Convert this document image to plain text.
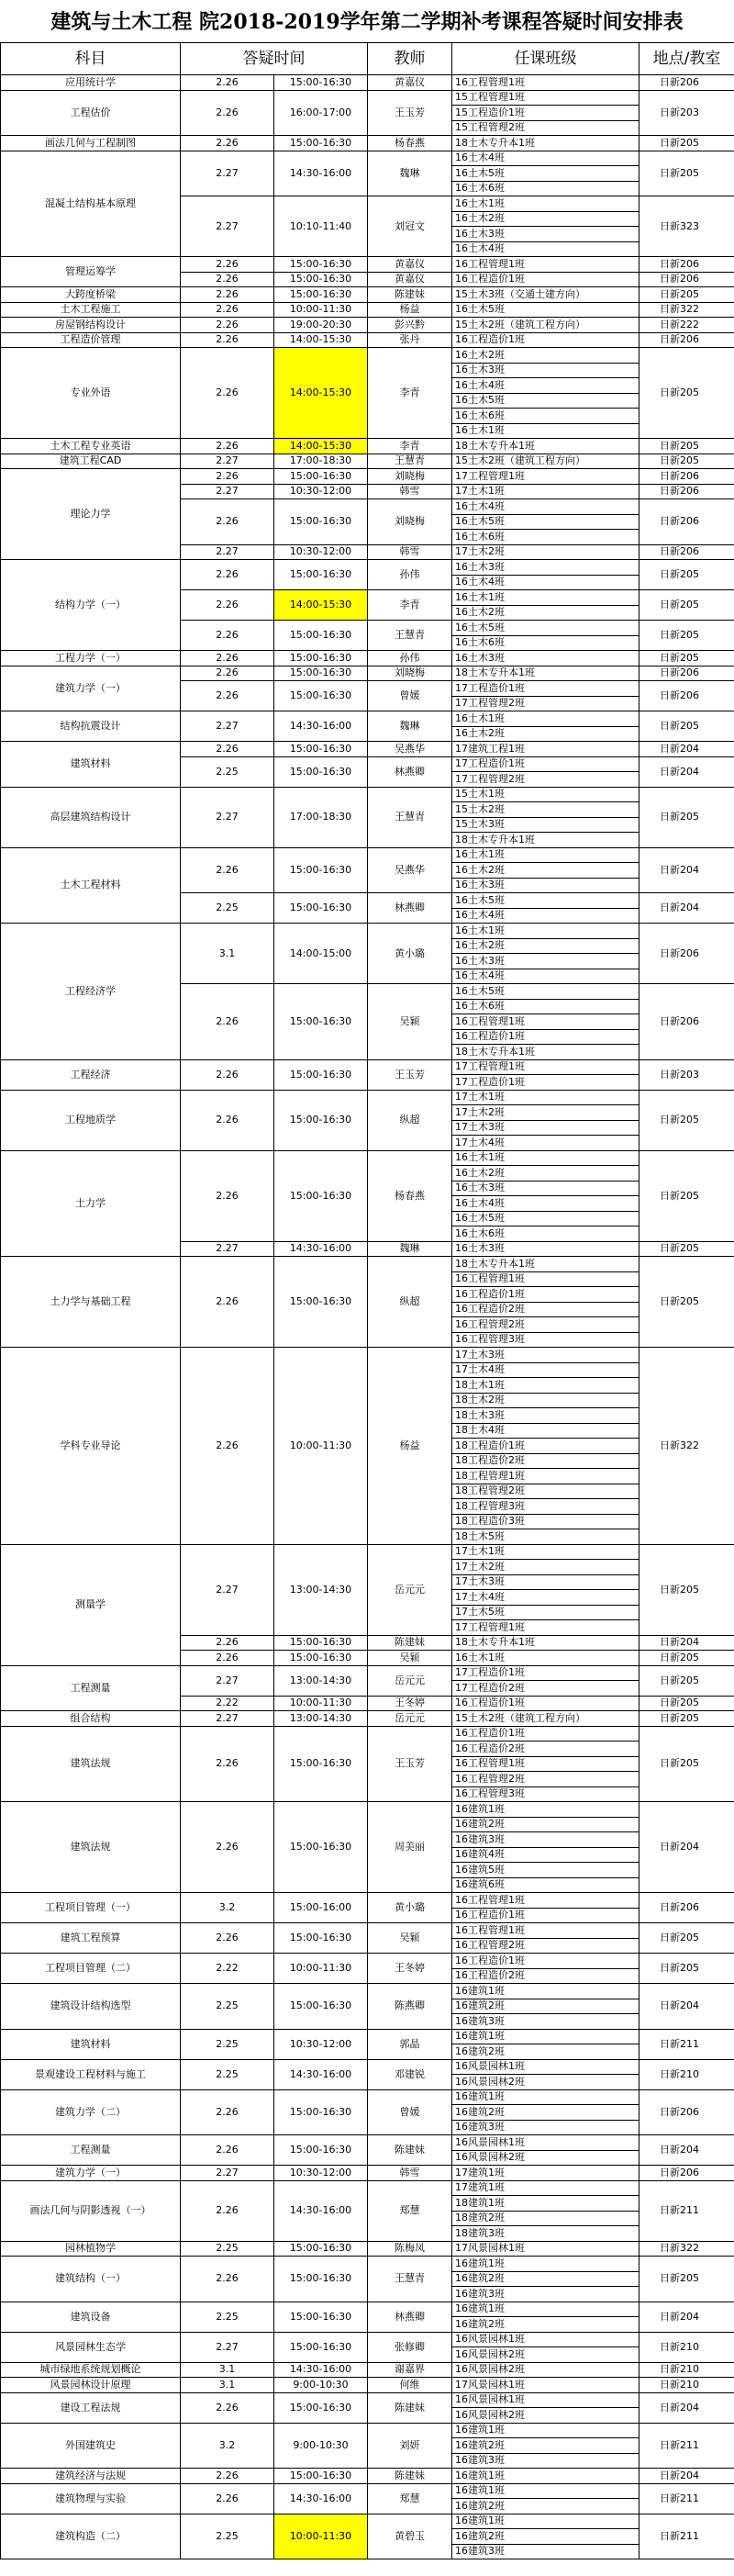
建筑与土木工程 院2018-2019学年第二学期补考课程答疑时间安排表
科目	答疑时间		教师	任课班级	地点/教室
应用统计学	2.26	15:00-16:30	黄嘉仪	16工程管理1班	日新206
工程估价	2.26	16:00-17:00	王玉芳	15工程管理1班	日新203
				15工程造价1班	
				15工程管理2班	
画法几何与工程制图	2.26	15:00-16:30	杨春燕	18土木专升本1班	日新205
混凝土结构基本原理	2.27	14:30-16:00	魏琳	16土木4班	日新205
				16土木5班	
				16土木6班	
	2.27	10:10-11:40	刘冠文	16土木1班	日新323
				16土木2班	
				16土木3班	
				16土木4班	
管理运筹学	2.26	15:00-16:30	黄嘉仪	16工程管理1班	日新206
	2.26	15:00-16:30	黄嘉仪	16工程造价1班	日新206
大跨度桥梁	2.26	15:00-16:30	陈建妹	15土木3班（交通土建方向）	日新205
土木工程施工	2.26	10:00-11:30	杨益	16土木5班	日新322
房屋钢结构设计	2.26	19:00-20:30	彭兴黔	15土木2班（建筑工程方向）	日新222
工程造价管理	2.26	14:00-15:30	张丹	16工程造价1班	日新206
专业外语	2.26	14:00-15:30	李青	16土木2班	日新205
				16土木3班	
				16土木4班	
				16土木5班	
				16土木6班	
				16土木1班	
土木工程专业英语	2.26	14:00-15:30	李青	18土木专升本1班	日新205
建筑工程CAD	2.27	17:00-18:30	王慧青	15土木2班（建筑工程方向）	日新205
理论力学	2.26	15:00-16:30	刘晓梅	17工程管理1班	日新206
	2.27	10:30-12:00	韩雪	17土木1班	日新206
	2.26	15:00-16:30	刘晓梅	16土木4班	日新206
				16土木5班	
				16土木6班	
	2.27	10:30-12:00	韩雪	17土木2班	日新206
结构力学（一）	2.26	15:00-16:30	孙伟	16土木3班	日新205
				16土木4班	
	2.26	14:00-15:30	李青	16土木1班	日新205
				16土木2班	
	2.26	15:00-16:30	王慧青	16土木5班	日新205
				16土木6班	
工程力学（一）	2.26	15:00-16:30	孙伟	16土木3班	日新205
建筑力学（一）	2.26	15:00-16:30	刘晓梅	18土木专升本1班	日新206
	2.26	15:00-16:30	曾媛	17工程造价1班	日新206
				17工程管理2班	
结构抗震设计	2.27	14:30-16:00	魏琳	16土木1班	日新205
				16土木2班	
建筑材料	2.26	15:00-16:30	吴燕华	17建筑工程1班	日新204
	2.25	15:00-16:30	林燕卿	17工程造价1班	日新204
				17工程管理2班	
高层建筑结构设计	2.27	17:00-18:30	王慧青	15土木1班	日新205
				15土木2班	
				15土木3班	
				18土木专升本1班	
土木工程材料	2.26	15:00-16:30	吴燕华	16土木1班	日新204
				16土木2班	
				16土木3班	
	2.25	15:00-16:30	林燕卿	16土木5班	日新204
				16土木4班	
工程经济学	3.1	14:00-15:00	黄小璐	16土木1班	日新206
				16土木2班	
				16土木3班	
				16土木4班	
	2.26	15:00-16:30	吴颖	16土木5班	日新206
				16土木6班	
				16工程管理1班	
				16工程造价1班	
				18土木专升本1班	
工程经济	2.26	15:00-16:30	王玉芳	17工程管理1班	日新203
				17工程造价1班	
工程地质学	2.26	15:00-16:30	纵超	17土木1班	日新205
				17土木2班	
				17土木3班	
				17土木4班	
土力学	2.26	15:00-16:30	杨春燕	16土木1班	日新205
				16土木2班	
				16土木3班	
				16土木4班	
				16土木5班	
				16土木6班	
	2.27	14:30-16:00	魏琳	16土木3班	日新205
土力学与基础工程	2.26	15:00-16:30	纵超	18土木专升本1班	日新205
				16工程管理1班	
				16工程造价1班	
				16工程造价2班	
				16工程管理2班	
				16工程管理3班	
学科专业导论	2.26	10:00-11:30	杨益	17土木3班	日新322
				17土木4班	
				18土木1班	
				18土木2班	
				18土木3班	
				18土木4班	
				18工程造价1班	
				18工程造价2班	
				18工程管理1班	
				18工程管理2班	
				18工程管理3班	
				18工程造价3班	
				18土木5班	
测量学	2.27	13:00-14:30	岳元元	17土木1班	日新205
				17土木2班	
				17土木3班	
				17土木4班	
				17土木5班	
				17工程管理1班	
	2.26	15:00-16:30	陈建妹	18土木专升本1班	日新204
	2.26	15:00-16:30	吴颖	16土木1班	日新205
工程测量	2.27	13:00-14:30	岳元元	17工程造价1班	日新205
				17工程造价2班	
	2.22	10:00-11:30	王冬婷	16工程造价1班	日新205
组合结构	2.27	13:00-14:30	岳元元	15土木2班（建筑工程方向）	日新205
建筑法规	2.26	15:00-16:30	王玉芳	16工程造价1班	日新205
				16工程造价2班	
				16工程管理1班	
				16工程管理2班	
				16工程管理3班	
建筑法规	2.26	15:00-16:30	周美丽	16建筑1班	日新204
				16建筑2班	
				16建筑3班	
				16建筑4班	
				16建筑5班	
				16建筑6班	
工程项目管理（一）	3.2	15:00-16:00	黄小璐	16工程管理1班	日新206
				16工程造价1班	
建筑工程预算	2.26	15:00-16:30	吴颖	16工程管理1班	日新205
				16工程管理2班	
工程项目管理（二）	2.22	10:00-11:30	王冬婷	16工程造价1班	日新205
				16工程造价2班	
建筑设计结构选型	2.25	15:00-16:30	陈燕卿	16建筑1班	日新204
				16建筑2班	
				16建筑3班	
建筑材料	2.25	10:30-12:00	郭晶	16建筑1班	日新211
				16建筑2班	
景观建设工程材料与施工	2.25	14:30-16:00	邓建锐	16风景园林1班	日新210
				16风景园林2班	
建筑力学（二）	2.26	15:00-16:30	曾媛	16建筑1班	日新206
				16建筑2班	
				16建筑3班	
工程测量	2.26	15:00-16:30	陈建妹	16风景园林1班	日新204
				16风景园林2班	
建筑力学（一）	2.27	10:30-12:00	韩雪	17建筑1班	日新206
画法几何与阴影透视（一）	2.26	14:30-16:00	郑慧	17建筑1班	日新211
				18建筑1班	
				18建筑2班	
				18建筑3班	
园林植物学	2.25	15:00-16:30	陈梅凤	17风景园林1班	日新322
建筑结构（一）	2.26	15:00-16:30	王慧青	16建筑1班	日新205
				16建筑2班	
				16建筑3班	
建筑设备	2.25	15:00-16:30	林燕卿	16建筑1班	日新204
				16建筑2班	
风景园林生态学	2.27	15:00-16:30	张修卿	16风景园林1班	日新210
				16风景园林2班	
城市绿地系统规划概论	3.1	14:30-16:00	谢嘉界	16风景园林2班	日新210
风景园林设计原理	3.1	9:00-10:30	何维	17风景园林1班	日新210
建设工程法规	2.26	15:00-16:30	陈建妹	16风景园林1班	日新204
				16风景园林2班	
外国建筑史	3.2	9:00-10:30	刘妍	16建筑1班	日新211
				16建筑2班	
				16建筑3班	
建筑经济与法规	2.26	15:00-16:30	陈建妹	16建筑1班	日新204
建筑物理与实验	2.26	14:30-16:00	郑慧	16建筑1班	日新211
				16建筑2班	
建筑构造（二）	2.25	10:00-11:30	黄碧玉	16建筑1班	日新211
				16建筑2班	
				16建筑3班	
